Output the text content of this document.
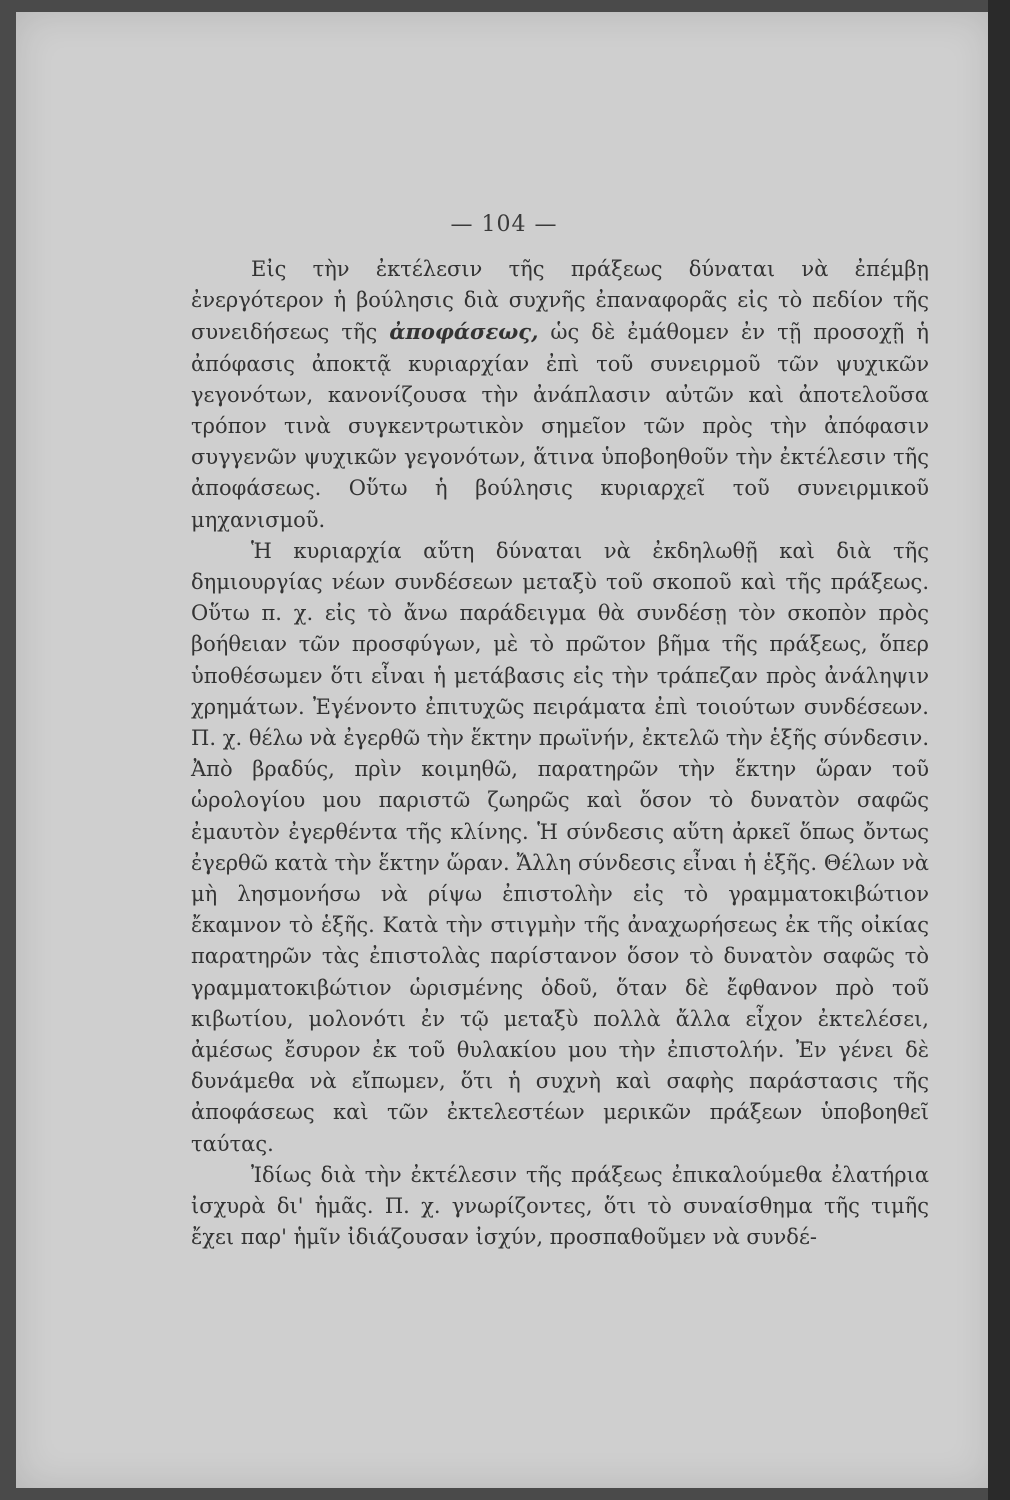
— 104 —

Εἰς τὴν ἐκτέλεσιν τῆς πράξεως δύναται νὰ ἐπέμβῃ ἐνεργότερον ἡ βούλησις διὰ συχνῆς ἐπαναφορᾶς εἰς τὸ πεδίον τῆς συνειδήσεως τῆς ἀποφάσεως, ὡς δὲ ἐμάθομεν ἐν τῇ προσοχῇ ἡ ἀπόφασις ἀποκτᾷ κυριαρχίαν ἐπὶ τοῦ συνειρμοῦ τῶν ψυχικῶν γεγονότων, κανονίζουσα τὴν ἀνάπλασιν αὐτῶν καὶ ἀποτελοῦσα τρόπον τινὰ συγκεντρωτικὸν σημεῖον τῶν πρὸς τὴν ἀπόφασιν συγγενῶν ψυχικῶν γεγονότων, ἅτινα ὑποβοηθοῦν τὴν ἐκτέλεσιν τῆς ἀποφάσεως. Οὕτω ἡ βούλησις κυριαρχεῖ τοῦ συνειρμικοῦ μηχανισμοῦ.

Ἡ κυριαρχία αὕτη δύναται νὰ ἐκδηλωθῇ καὶ διὰ τῆς δημιουργίας νέων συνδέσεων μεταξὺ τοῦ σκοποῦ καὶ τῆς πράξεως. Οὕτω π. χ. εἰς τὸ ἄνω παράδειγμα θὰ συνδέσῃ τὸν σκοπὸν πρὸς βοήθειαν τῶν προσφύγων, μὲ τὸ πρῶτον βῆμα τῆς πράξεως, ὅπερ ὑποθέσωμεν ὅτι εἶναι ἡ μετάβασις εἰς τὴν τράπεζαν πρὸς ἀνάληψιν χρημάτων. Ἐγένοντο ἐπιτυχῶς πειράματα ἐπὶ τοιούτων συνδέσεων. Π. χ. θέλω νὰ ἐγερθῶ τὴν ἕκτην πρωϊνήν, ἐκτελῶ τὴν ἑξῆς σύνδεσιν. Ἀπὸ βραδύς, πρὶν κοιμηθῶ, παρατηρῶν τὴν ἕκτην ὥραν τοῦ ὡρολογίου μου παριστῶ ζωηρῶς καὶ ὅσον τὸ δυνατὸν σαφῶς ἐμαυτὸν ἐγερθέντα τῆς κλίνης. Ἡ σύνδεσις αὕτη ἀρκεῖ ὅπως ὄντως ἐγερθῶ κατὰ τὴν ἕκτην ὥραν. Ἄλλη σύνδεσις εἶναι ἡ ἑξῆς. Θέλων νὰ μὴ λησμονήσω νὰ ρίψω ἐπιστολὴν εἰς τὸ γραμματοκιβώτιον ἔκαμνον τὸ ἑξῆς. Κατὰ τὴν στιγμὴν τῆς ἀναχωρήσεως ἐκ τῆς οἰκίας παρατηρῶν τὰς ἐπιστολὰς παρίστανον ὅσον τὸ δυνατὸν σαφῶς τὸ γραμματοκιβώτιον ὡρισμένης ὁδοῦ, ὅταν δὲ ἔφθανον πρὸ τοῦ κιβωτίου, μολονότι ἐν τῷ μεταξὺ πολλὰ ἄλλα εἶχον ἐκτελέσει, ἀμέσως ἔσυρον ἐκ τοῦ θυλακίου μου τὴν ἐπιστολήν. Ἐν γένει δὲ δυνάμεθα νὰ εἴπωμεν, ὅτι ἡ συχνὴ καὶ σαφὴς παράστασις τῆς ἀποφάσεως καὶ τῶν ἐκτελεστέων μερικῶν πράξεων ὑποβοηθεῖ ταύτας.

Ἰδίως διὰ τὴν ἐκτέλεσιν τῆς πράξεως ἐπικαλούμεθα ἐλατήρια ἰσχυρὰ δι' ἡμᾶς. Π. χ. γνωρίζοντες, ὅτι τὸ συναίσθημα τῆς τιμῆς ἔχει παρ' ἡμῖν ἰδιάζουσαν ἰσχύν, προσπαθοῦμεν νὰ συνδέ-
